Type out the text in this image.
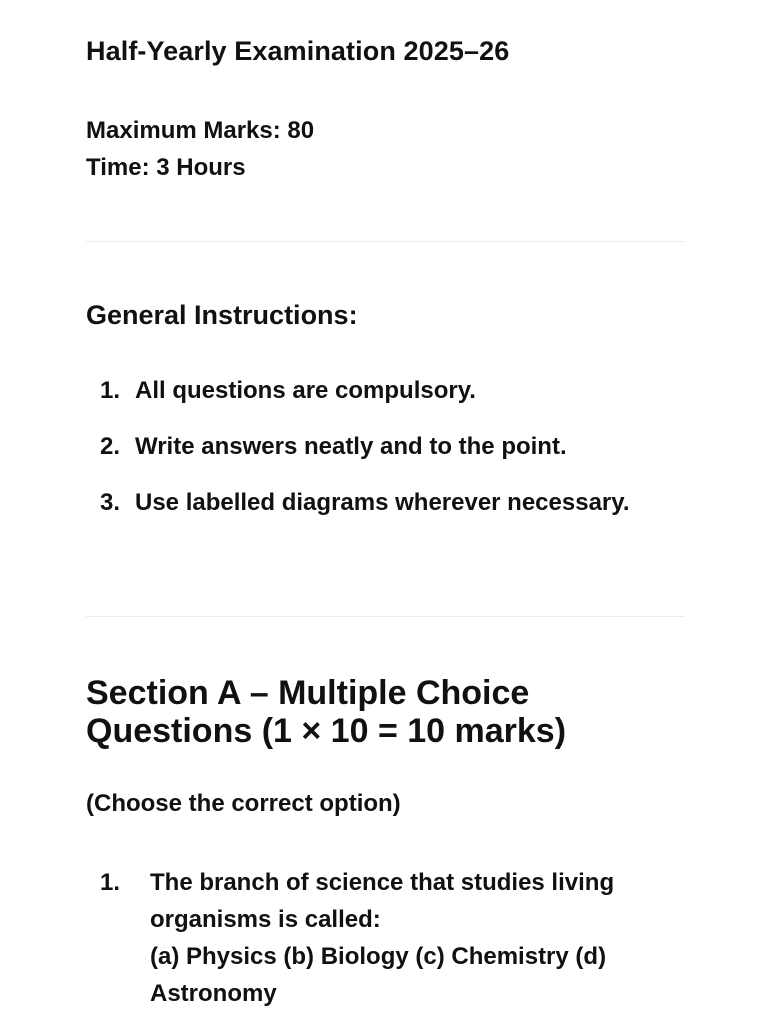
Half-Yearly Examination 2025–26
Maximum Marks: 80
Time: 3 Hours
General Instructions:
1. All questions are compulsory.
2. Write answers neatly and to the point.
3. Use labelled diagrams wherever necessary.
Section A – Multiple Choice Questions (1 × 10 = 10 marks)

(Choose the correct option)

1. The branch of science that studies living organisms is called:
(a) Physics (b) Biology (c) Chemistry (d) Astronomy
